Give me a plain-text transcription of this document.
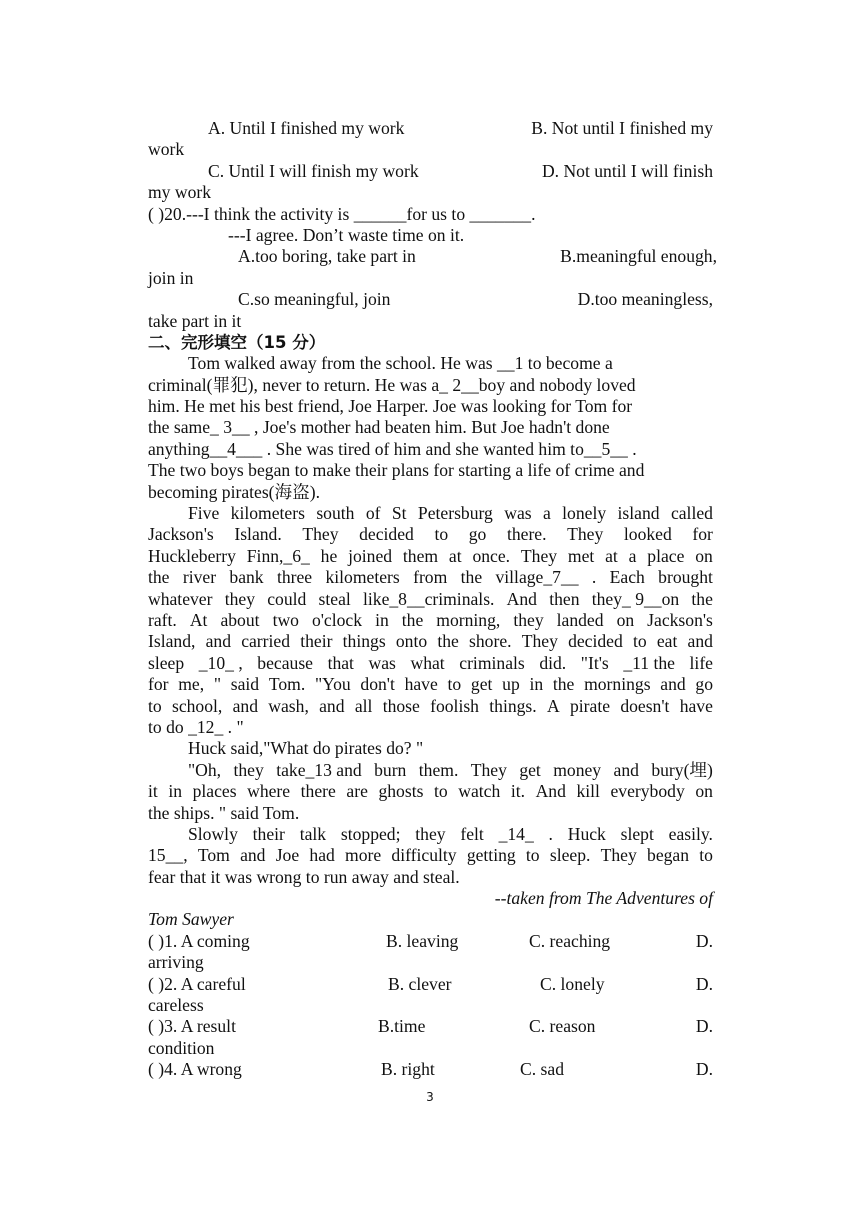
A. Until I finished my work	B. Not until I finished my
work
C. Until I will finish my work	D. Not until I will finish
my work
( )20.---I think the activity is ______for us to _______.
---I agree. Don’t waste time on it.
A.too boring, take part in	B.meaningful enough,
join in
C.so meaningful, join	D.too meaningless,
take part in it
二、完形填空（15 分）
Tom walked away from the school. He was __1 to become a
criminal(罪犯), never to return. He was a_ 2__boy and nobody loved
him. He met his best friend, Joe Harper. Joe was looking for Tom for
the same_ 3__ , Joe's mother had beaten him. But Joe hadn't done
anything__4___ . She was tired of him and she wanted him to__5__ .
The two boys began to make their plans for starting a life of crime and
becoming pirates(海盗).
Five kilometers south of St Petersburg was a lonely island called
Jackson's Island. They decided to go there. They looked for
Huckleberry Finn,_6_ he joined them at once. They met at a place on
the river bank three kilometers from the village_7__ . Each brought
whatever they could steal like_8__criminals. And then they_ 9__on the
raft. At about two o'clock in the morning, they landed on Jackson's
Island, and carried their things onto the shore. They decided to eat and
sleep _10_ , because that was what criminals did. "It's _11 the life
for me, " said Tom. "You don't have to get up in the mornings and go
to school, and wash, and all those foolish things. A pirate doesn't have
to do _12_ . "
Huck said,"What do pirates do? "
"Oh, they take_13 and burn them. They get money and bury(埋)
it in places where there are ghosts to watch it. And kill everybody on
the ships. " said Tom.
Slowly their talk stopped; they felt _14_ . Huck slept easily.
15__, Tom and Joe had more difficulty getting to sleep. They began to
fear that it was wrong to run away and steal.
--taken from The Adventures of
Tom Sawyer
( )1. A coming	B. leaving	C. reaching	D.
arriving
( )2. A careful	B. clever	C. lonely	D.
careless
( )3. A result	B.time	C. reason	D.
condition
( )4. A wrong	B. right	C. sad	D.
3
